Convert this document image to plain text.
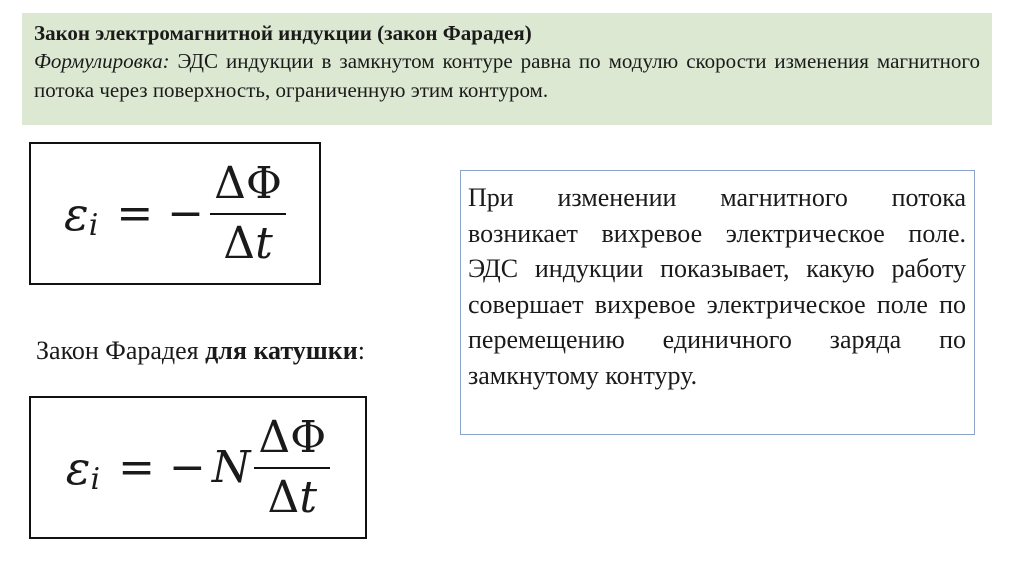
Закон электромагнитной индукции (закон Фарадея)
Формулировка: ЭДС индукции в замкнутом контуре равна по модулю скорости изменения магнитного потока через поверхность, ограниченную этим контуром.
ε i = − $\frac{\Delta\Phi}{\Delta t}$
Закон Фарадея для катушки:
ε i = − N $\frac{\Delta\Phi}{\Delta t}$
При изменении магнитного потока возникает вихревое электрическое поле. ЭДС индукции показывает, какую работу совершает вихревое электрическое поле по перемещению единичного заряда по замкнутому контуру.
